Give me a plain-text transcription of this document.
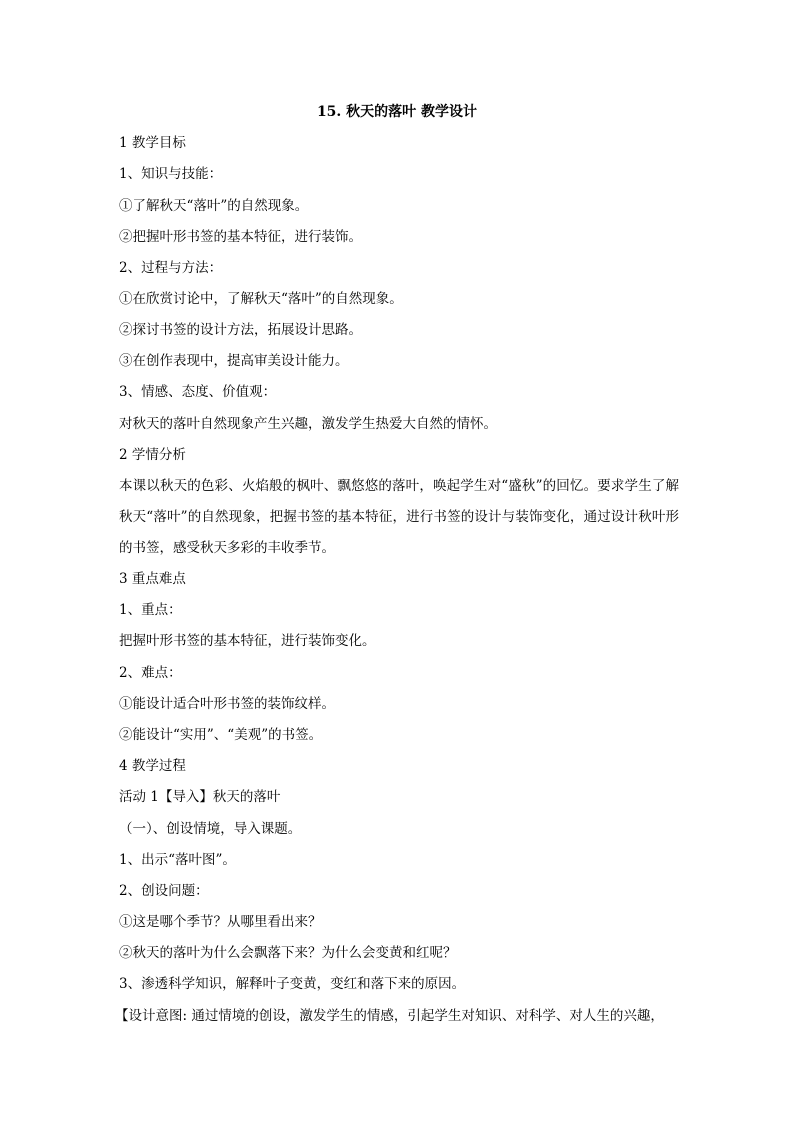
15. 秋天的落叶 教学设计
1 教学目标
1、知识与技能：
①了解秋天“落叶”的自然现象。
②把握叶形书签的基本特征，进行装饰。
2、过程与方法：
①在欣赏讨论中，了解秋天“落叶”的自然现象。
②探讨书签的设计方法，拓展设计思路。
③在创作表现中，提高审美设计能力。
3、情感、态度、价值观：
对秋天的落叶自然现象产生兴趣，激发学生热爱大自然的情怀。
2 学情分析
本课以秋天的色彩、火焰般的枫叶、飘悠悠的落叶，唤起学生对“盛秋”的回忆。要求学生了解秋天“落叶”的自然现象，把握书签的基本特征，进行书签的设计与装饰变化，通过设计秋叶形的书签，感受秋天多彩的丰收季节。
3 重点难点
1、重点：
把握叶形书签的基本特征，进行装饰变化。
2、难点：
①能设计适合叶形书签的装饰纹样。
②能设计“实用”、“美观”的书签。
4 教学过程
活动 1【导入】秋天的落叶
（一）、创设情境，导入课题。
1、出示“落叶图”。
2、创设问题：
①这是哪个季节？从哪里看出来？
②秋天的落叶为什么会飘落下来？为什么会变黄和红呢？
3、渗透科学知识，解释叶子变黄，变红和落下来的原因。
【设计意图: 通过情境的创设，激发学生的情感，引起学生对知识、对科学、对人生的兴趣，
